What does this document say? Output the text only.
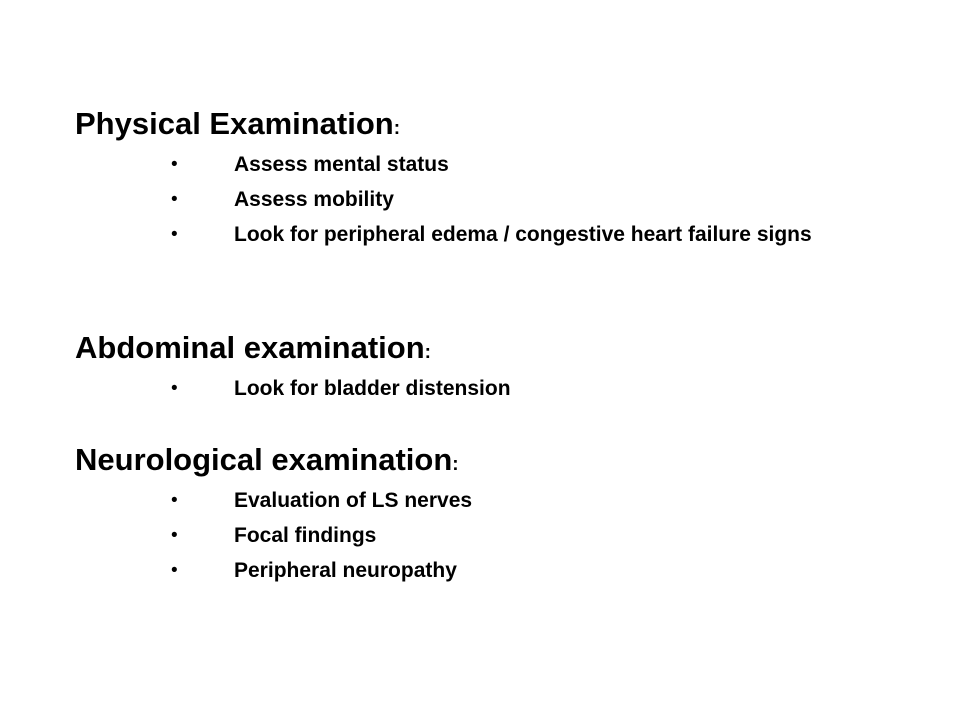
Physical Examination:
•	Assess mental status
•	Assess mobility
•	Look for peripheral edema / congestive heart failure signs
Abdominal examination:
•	Look for bladder distension
Neurological examination:
•	Evaluation of LS nerves
•	Focal findings
•	Peripheral neuropathy
